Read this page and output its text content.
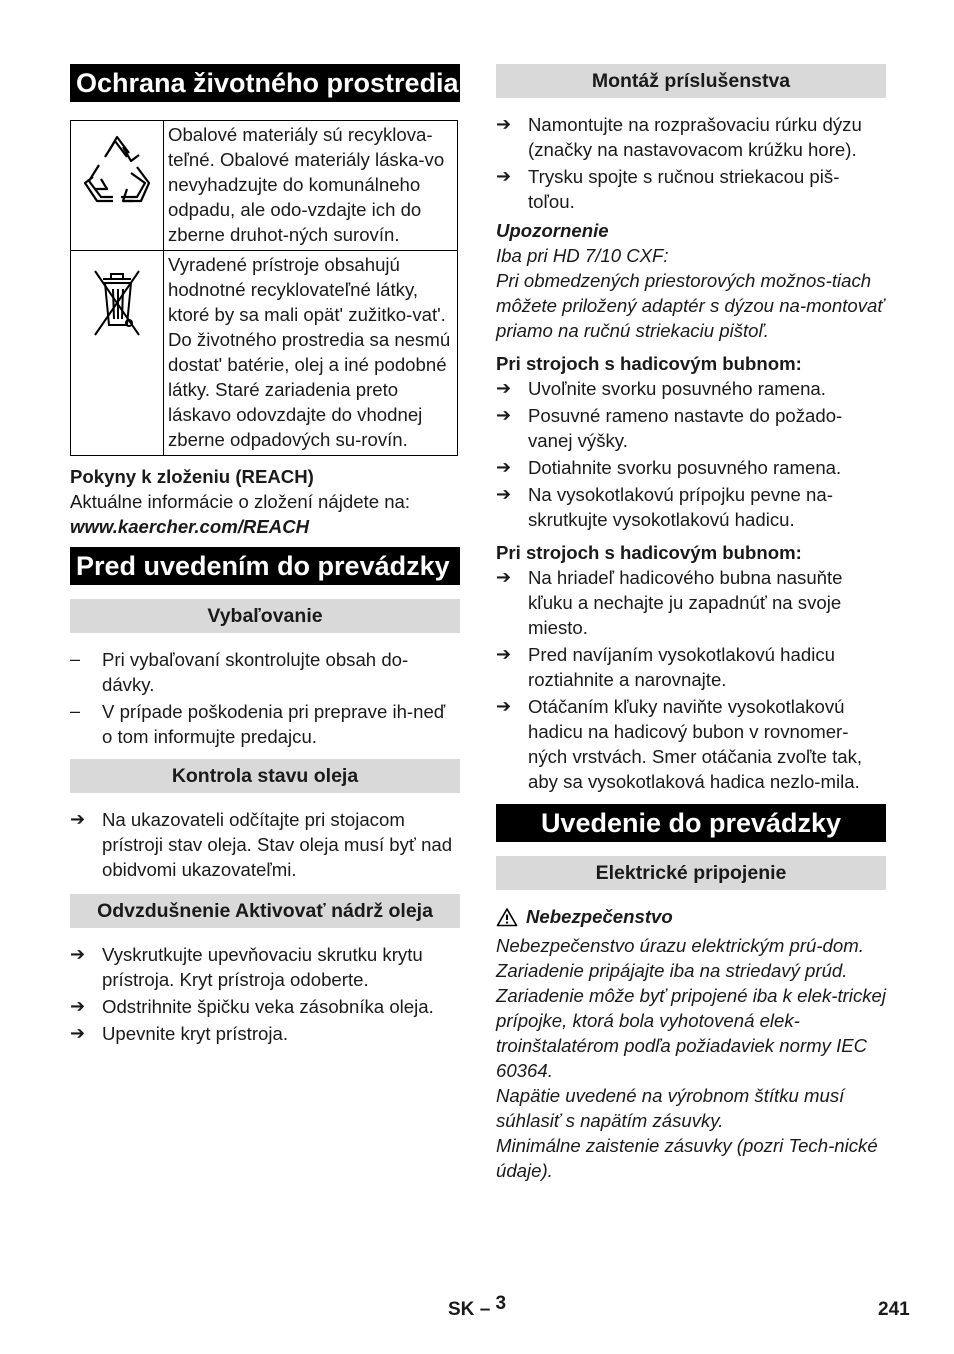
Ochrana životného prostredia
	Obalové materiály sú recyklova-teľné. Obalové materiály láska-vo nevyhadzujte do komunálneho odpadu, ale odo-vzdajte ich do zberne druhot-ných surovín.
	Vyradené prístroje obsahujú hodnotné recyklovateľné látky, ktoré by sa mali opät' zužitko-vat'. Do životného prostredia sa nesmú dostat' batérie, olej a iné podobné látky. Staré zariadenia preto láskavo odovzdajte do vhodnej zberne odpadových su-rovín.

Pokyny k zloženiu (REACH)

Aktuálne informácie o zložení nájdete na:

www.kaercher.com/REACH

Pred uvedením do prevádzky
Vybaľovanie
–	Pri vybaľovaní skontrolujte obsah do-dávky.
–	V prípade poškodenia pri preprave ih-neď o tom informujte predajcu.
Kontrola stavu oleja
➔ Na ukazovateli odčítajte pri stojacom prístroji stav oleja. Stav oleja musí byť nad obidvomi ukazovateľmi.
Odvzdušnenie Aktivovať nádrž oleja
➔ Vyskrutkujte upevňovaciu skrutku krytu prístroja. Kryt prístroja odoberte.
➔ Odstrihnite špičku veka zásobníka oleja.
➔ Upevnite kryt prístroja.
Montáž príslušenstva
➔ Namontujte na rozprašovaciu rúrku dýzu (značky na nastavovacom krúžku hore).
➔ Trysku spojte s ručnou striekacou piš-toľou.

Upozornenie

Iba pri HD 7/10 CXF:

Pri obmedzených priestorových možnos-tiach môžete priložený adaptér s dýzou na-montovať priamo na ručnú striekaciu pištoľ.

Pri strojoch s hadicovým bubnom:

➔ Uvoľnite svorku posuvného ramena.
➔ Posuvné rameno nastavte do požado-vanej výšky.
➔ Dotiahnite svorku posuvného ramena.
➔ Na vysokotlakovú prípojku pevne na-skrutkujte vysokotlakovú hadicu.

Pri strojoch s hadicovým bubnom:

➔ Na hriadeľ hadicového bubna nasuňte kľuku a nechajte ju zapadnúť na svoje miesto.
➔ Pred navíjaním vysokotlakovú hadicu roztiahnite a narovnajte.
➔ Otáčaním kľuky naviňte vysokotlakovú hadicu na hadicový bubon v rovnomer-ných vrstvách. Smer otáčania zvoľte tak, aby sa vysokotlaková hadica nezlo-mila.
Uvedenie do prevádzky
Elektrické pripojenie
Nebezpečenstvo

Nebezpečenstvo úrazu elektrickým prú-dom.

Zariadenie pripájajte iba na striedavý prúd.

Zariadenie môže byť pripojené iba k elek-trickej prípojke, ktorá bola vyhotovená elek-troinštalatérom podľa požiadaviek normy IEC 60364.

Napätie uvedené na výrobnom štítku musí súhlasiť s napätím zásuvky.

Minimálne zaistenie zásuvky (pozri Tech-nické údaje).

SK – 3	241
